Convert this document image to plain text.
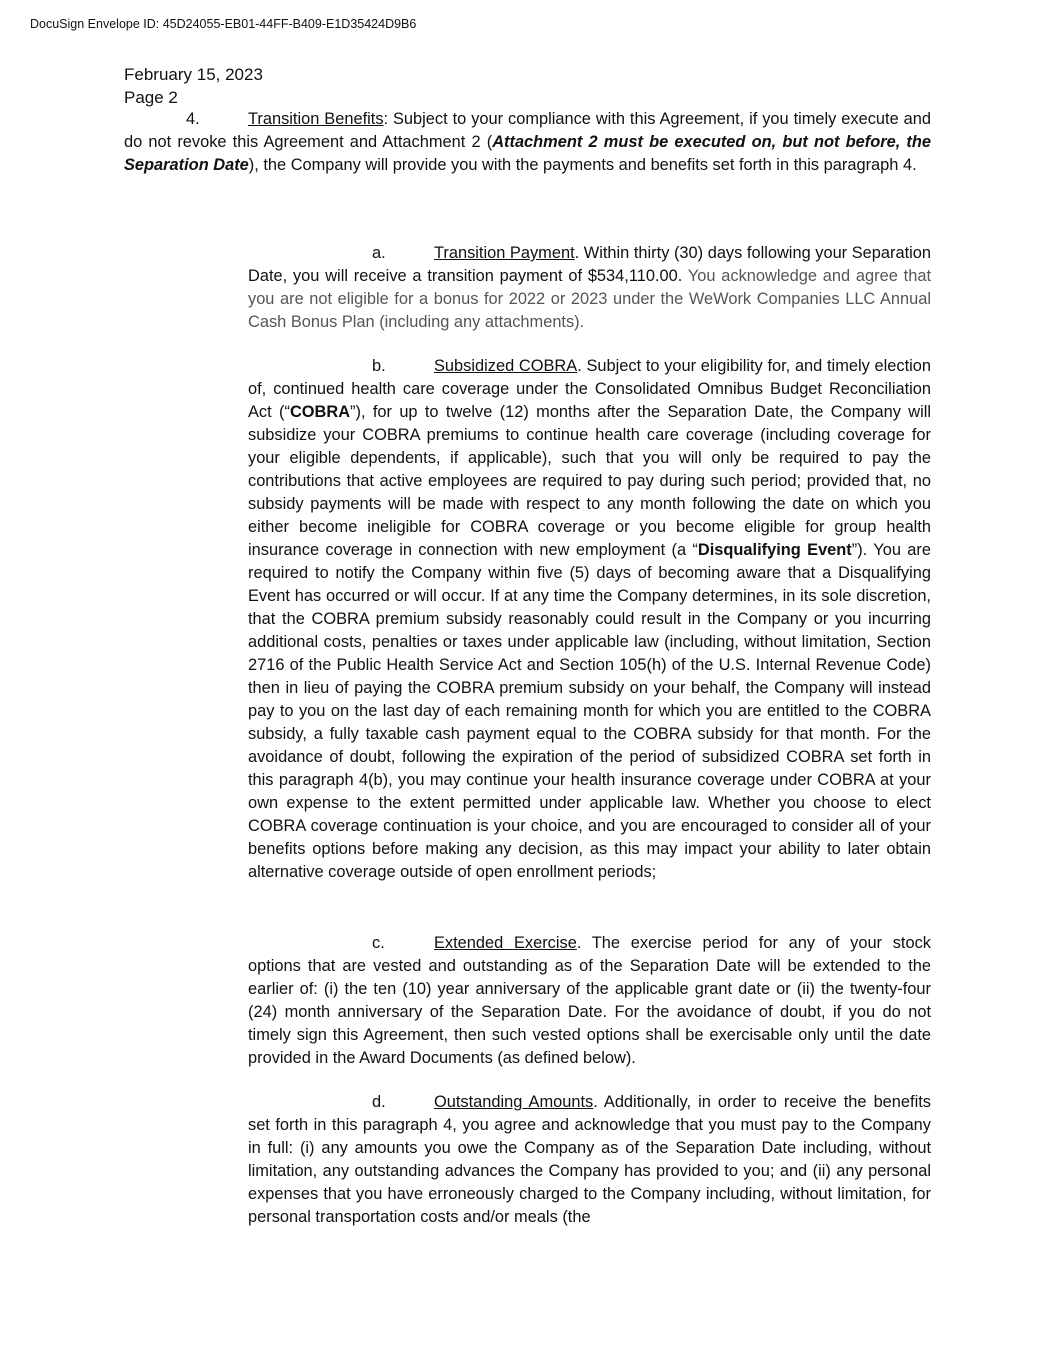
DocuSign Envelope ID: 45D24055-EB01-44FF-B409-E1D35424D9B6
February 15, 2023
Page 2

4.	Transition Benefits: Subject to your compliance with this Agreement, if you timely execute and do not revoke this Agreement and Attachment 2 (Attachment 2 must be executed on, but not before, the Separation Date), the Company will provide you with the payments and benefits set forth in this paragraph 4.

a.	Transition Payment. Within thirty (30) days following your Separation Date, you will receive a transition payment of $534,110.00. You acknowledge and agree that you are not eligible for a bonus for 2022 or 2023 under the WeWork Companies LLC Annual Cash Bonus Plan (including any attachments).

b.	Subsidized COBRA. Subject to your eligibility for, and timely election of, continued health care coverage under the Consolidated Omnibus Budget Reconciliation Act (“COBRA”), for up to twelve (12) months after the Separation Date, the Company will subsidize your COBRA premiums to continue health care coverage (including coverage for your eligible dependents, if applicable), such that you will only be required to pay the contributions that active employees are required to pay during such period; provided that, no subsidy payments will be made with respect to any month following the date on which you either become ineligible for COBRA coverage or you become eligible for group health insurance coverage in connection with new employment (a “Disqualifying Event”). You are required to notify the Company within five (5) days of becoming aware that a Disqualifying Event has occurred or will occur. If at any time the Company determines, in its sole discretion, that the COBRA premium subsidy reasonably could result in the Company or you incurring additional costs, penalties or taxes under applicable law (including, without limitation, Section 2716 of the Public Health Service Act and Section 105(h) of the U.S. Internal Revenue Code) then in lieu of paying the COBRA premium subsidy on your behalf, the Company will instead pay to you on the last day of each remaining month for which you are entitled to the COBRA subsidy, a fully taxable cash payment equal to the COBRA subsidy for that month. For the avoidance of doubt, following the expiration of the period of subsidized COBRA set forth in this paragraph 4(b), you may continue your health insurance coverage under COBRA at your own expense to the extent permitted under applicable law. Whether you choose to elect COBRA coverage continuation is your choice, and you are encouraged to consider all of your benefits options before making any decision, as this may impact your ability to later obtain alternative coverage outside of open enrollment periods;

c.	Extended Exercise. The exercise period for any of your stock options that are vested and outstanding as of the Separation Date will be extended to the earlier of: (i) the ten (10) year anniversary of the applicable grant date or (ii) the twenty-four (24) month anniversary of the Separation Date. For the avoidance of doubt, if you do not timely sign this Agreement, then such vested options shall be exercisable only until the date provided in the Award Documents (as defined below).

d.	Outstanding Amounts. Additionally, in order to receive the benefits set forth in this paragraph 4, you agree and acknowledge that you must pay to the Company in full: (i) any amounts you owe the Company as of the Separation Date including, without limitation, any outstanding advances the Company has provided to you; and (ii) any personal expenses that you have erroneously charged to the Company including, without limitation, for personal transportation costs and/or meals (the
